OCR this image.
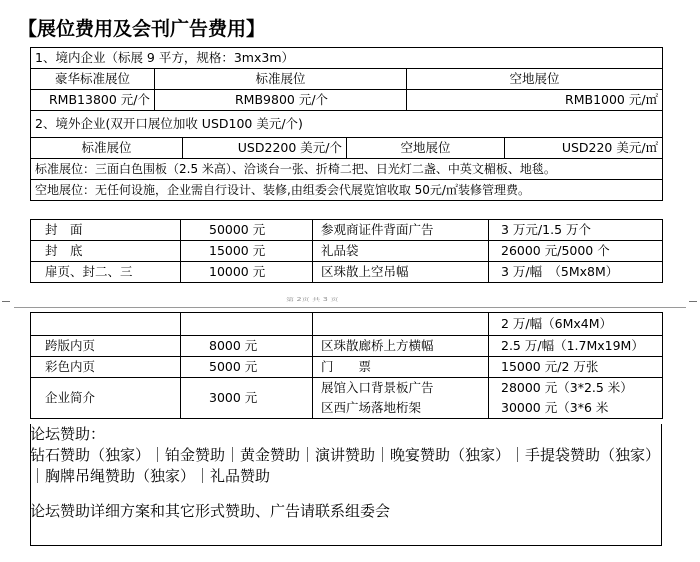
【展位费用及会刊广告费用】
1、境内企业（标展 9 平方，规格：3mx3m）					
豪华标准展位	标准展位			空地展位	
RMB13800 元/个	RMB9800 元/个			RMB1000 元/㎡	
2、境外企业(双开口展位加收 USD100 美元/个)					
标准展位		USD2200 美元/个	空地展位		USD220 美元/㎡
标准展位：三面白色围板（2.5 米高）、洽谈台一张、折椅二把、日光灯二盏、中英文楣板、地毯。					
空地展位：无任何设施，企业需自行设计、装修,由组委会代展览馆收取 50元/㎡装修管理费。					
封　面	50000 元	参观商证件背面广告	3 万元/1.5 万个
封　底	15000 元	礼品袋	26000 元/5000 个
扉页、封二、三	10000 元	区珠散上空吊幅	3 万/幅　（5Mx8M）
第 2页 共 3 页
			2 万/幅（6Mx4M）
跨版内页	8000 元	区珠散廊桥上方横幅	2.5 万/幅（1.7Mx19M）
彩色内页	5000 元	门　　票	15000 元/2 万张
企业简介	3000 元	展馆入口背景板广告	28000 元（3*2.5 米）
		区西广场落地桁架	30000 元（3*6 米

论坛赞助：

钻石赞助（独家）｜铂金赞助｜黄金赞助｜演讲赞助｜晚宴赞助（独家）｜手提袋赞助（独家）｜胸牌吊绳赞助（独家）｜礼品赞助

论坛赞助详细方案和其它形式赞助、广告请联系组委会
